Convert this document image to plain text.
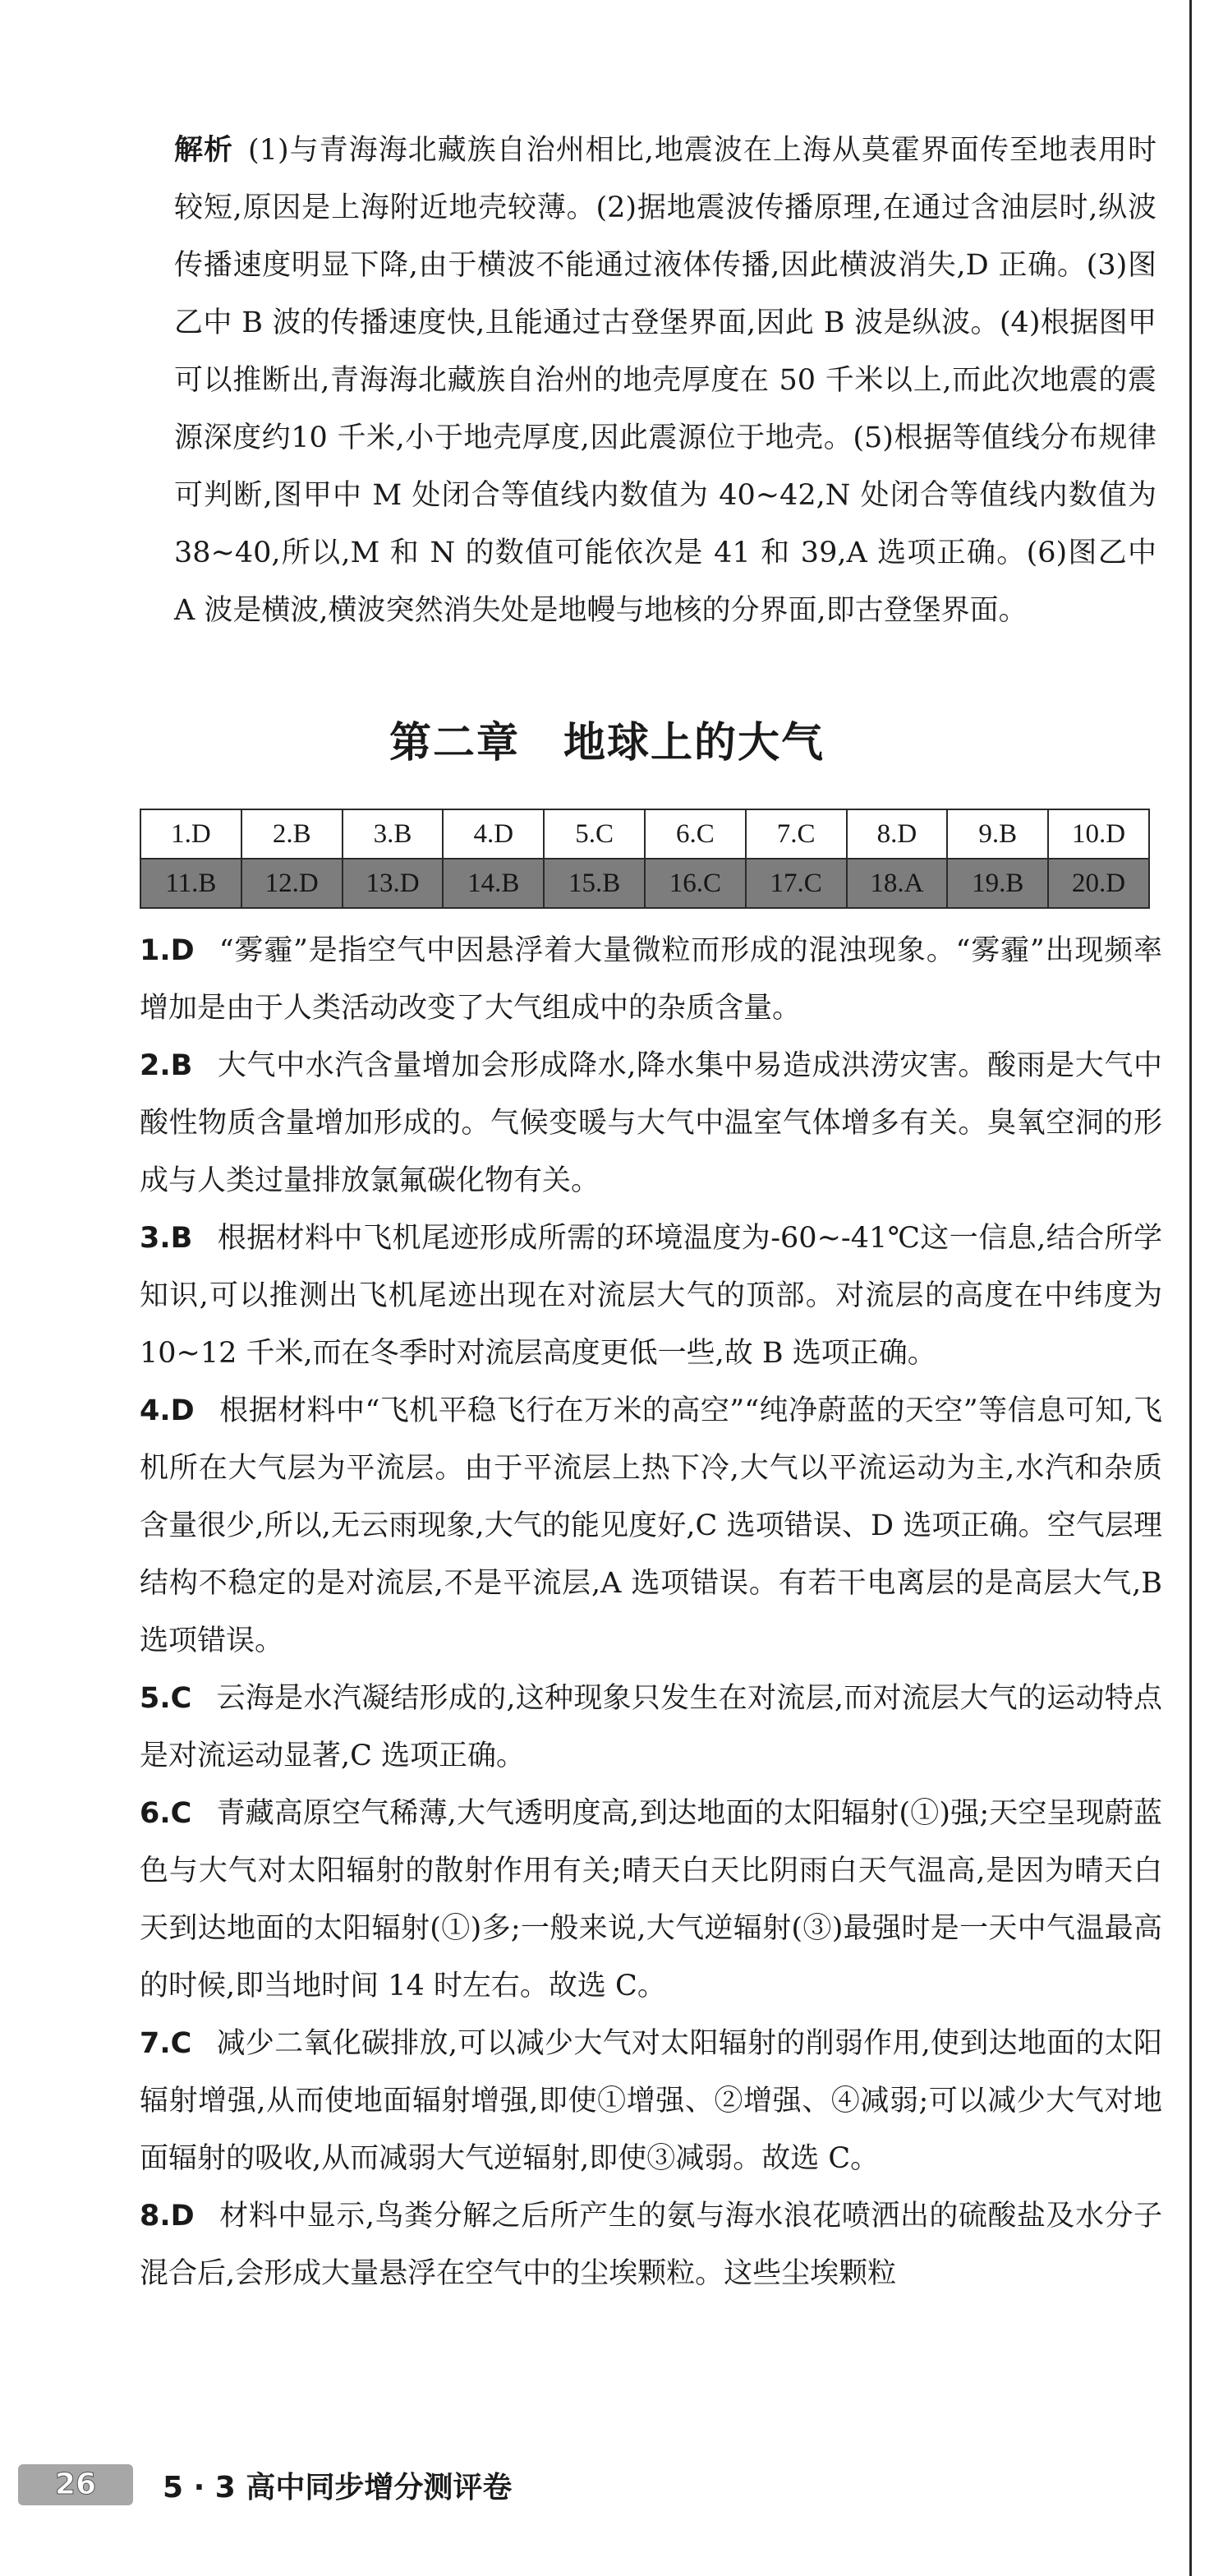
解析 (1)与青海海北藏族自治州相比,地震波在上海从莫霍界面传至地表用时较短,原因是上海附近地壳较薄。(2)据地震波传播原理,在通过含油层时,纵波传播速度明显下降,由于横波不能通过液体传播,因此横波消失,D 正确。(3)图乙中 B 波的传播速度快,且能通过古登堡界面,因此 B 波是纵波。(4)根据图甲可以推断出,青海海北藏族自治州的地壳厚度在 50 千米以上,而此次地震的震源深度约10 千米,小于地壳厚度,因此震源位于地壳。(5)根据等值线分布规律可判断,图甲中 M 处闭合等值线内数值为 40~42,N 处闭合等值线内数值为 38~40,所以,M 和 N 的数值可能依次是 41 和 39,A 选项正确。(6)图乙中 A 波是横波,横波突然消失处是地幔与地核的分界面,即古登堡界面。
第二章　地球上的大气
1.D	2.B	3.B	4.D	5.C	6.C	7.C	8.D	9.B	10.D
11.B	12.D	13.D	14.B	15.B	16.C	17.C	18.A	19.B	20.D
1.D “雾霾”是指空气中因悬浮着大量微粒而形成的混浊现象。“雾霾”出现频率增加是由于人类活动改变了大气组成中的杂质含量。
2.B 大气中水汽含量增加会形成降水,降水集中易造成洪涝灾害。酸雨是大气中酸性物质含量增加形成的。气候变暖与大气中温室气体增多有关。臭氧空洞的形成与人类过量排放氯氟碳化物有关。
3.B 根据材料中飞机尾迹形成所需的环境温度为-60~-41℃这一信息,结合所学知识,可以推测出飞机尾迹出现在对流层大气的顶部。对流层的高度在中纬度为 10~12 千米,而在冬季时对流层高度更低一些,故 B 选项正确。
4.D 根据材料中“飞机平稳飞行在万米的高空”“纯净蔚蓝的天空”等信息可知,飞机所在大气层为平流层。由于平流层上热下冷,大气以平流运动为主,水汽和杂质含量很少,所以,无云雨现象,大气的能见度好,C 选项错误、D 选项正确。空气层理结构不稳定的是对流层,不是平流层,A 选项错误。有若干电离层的是高层大气,B 选项错误。
5.C 云海是水汽凝结形成的,这种现象只发生在对流层,而对流层大气的运动特点是对流运动显著,C 选项正确。
6.C 青藏高原空气稀薄,大气透明度高,到达地面的太阳辐射(①)强;天空呈现蔚蓝色与大气对太阳辐射的散射作用有关;晴天白天比阴雨白天气温高,是因为晴天白天到达地面的太阳辐射(①)多;一般来说,大气逆辐射(③)最强时是一天中气温最高的时候,即当地时间 14 时左右。故选 C。
7.C 减少二氧化碳排放,可以减少大气对太阳辐射的削弱作用,使到达地面的太阳辐射增强,从而使地面辐射增强,即使①增强、②增强、④减弱;可以减少大气对地面辐射的吸收,从而减弱大气逆辐射,即使③减弱。故选 C。
8.D 材料中显示,鸟粪分解之后所产生的氨与海水浪花喷洒出的硫酸盐及水分子混合后,会形成大量悬浮在空气中的尘埃颗粒。这些尘埃颗粒
26	5 · 3 高中同步增分测评卷
